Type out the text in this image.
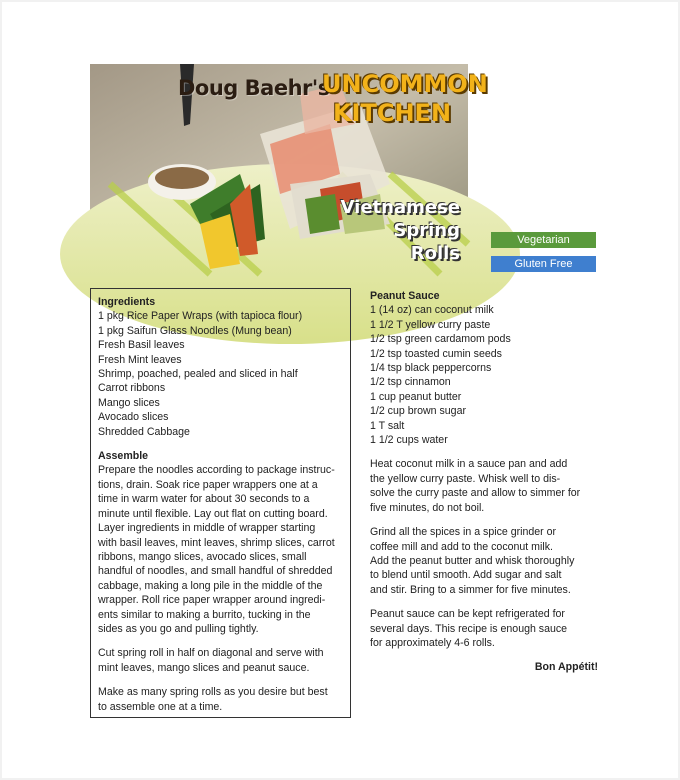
Doug Baehr's
UNCOMMON
KITCHEN
Vietnamese
Spring
Rolls
Vegetarian
Gluten Free
Ingredients
1 pkg Rice Paper Wraps (with tapioca flour)
1 pkg Saifun Glass Noodles (Mung bean)
Fresh Basil leaves
Fresh Mint leaves
Shrimp, poached, pealed and sliced in half
Carrot ribbons
Mango slices
Avocado slices
Shredded Cabbage
Assemble
Prepare the noodles according to package instruc-
tions, drain. Soak rice paper wrappers one at a
time in warm water for about 30 seconds to a
minute until flexible. Lay out flat on cutting board.
Layer ingredients in middle of wrapper starting
with basil leaves, mint leaves, shrimp slices, carrot
ribbons, mango slices, avocado slices, small
handful of noodles, and small handful of shredded
cabbage, making a long pile in the middle of the
wrapper. Roll rice paper wrapper around ingredi-
ents similar to making a burrito, tucking in the
sides as you go and pulling tightly.
Cut spring roll in half on diagonal and serve with
mint leaves, mango slices and peanut sauce.
Make as many spring rolls as you desire but best
to assemble one at a time.
Peanut Sauce
1 (14 oz) can coconut milk
1 1/2 T yellow curry paste
1/2 tsp green cardamom pods
1/2 tsp toasted cumin seeds
1/4 tsp black peppercorns
1/2 tsp cinnamon
1 cup peanut butter
1/2 cup brown sugar
1 T salt
1 1/2 cups water
Heat coconut milk in a sauce pan and add
the yellow curry paste. Whisk well to dis-
solve the curry paste and allow to simmer for
five minutes, do not boil.
Grind all the spices in a spice grinder or
coffee mill and add to the coconut milk.
Add the peanut butter and whisk thoroughly
to blend until smooth. Add sugar and salt
and stir. Bring to a simmer for five minutes.
Peanut sauce can be kept refrigerated for
several days. This recipe is enough sauce
for approximately 4-6 rolls.
Bon Appétit!
